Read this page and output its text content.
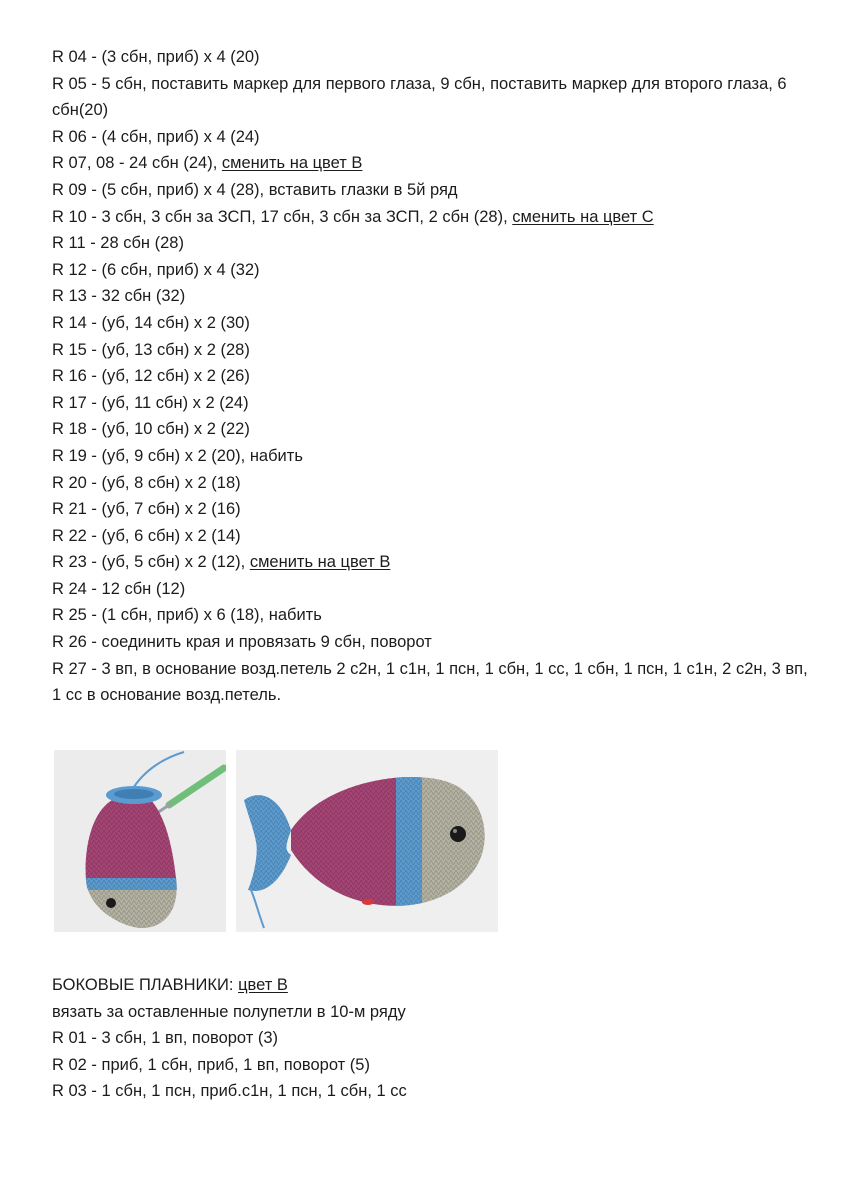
R 04 - (3 сбн, приб) х 4 (20)
R 05 - 5 сбн, поставить маркер для первого глаза, 9 сбн, поставить маркер для второго глаза, 6 сбн(20)
R 06 - (4 сбн, приб) х 4 (24)
R 07, 08 - 24 сбн (24), сменить на цвет В
R 09 - (5 сбн, приб) х 4 (28), вставить глазки в 5й ряд
R 10 - 3 сбн, 3 сбн за ЗСП, 17 сбн, 3 сбн за ЗСП, 2 сбн (28), сменить на цвет С
R 11 - 28 сбн (28)
R 12 - (6 сбн, приб) х 4 (32)
R 13 - 32 сбн (32)
R 14 - (уб, 14 сбн) х 2 (30)
R 15 - (уб, 13 сбн) х 2 (28)
R 16 - (уб, 12 сбн) х 2 (26)
R 17 - (уб, 11 сбн) х 2 (24)
R 18 - (уб, 10 сбн) х 2 (22)
R 19 - (уб, 9 сбн) х 2 (20), набить
R 20 - (уб, 8 сбн) х 2 (18)
R 21 - (уб, 7 сбн) х 2 (16)
R 22 - (уб, 6 сбн) х 2 (14)
R 23 - (уб, 5 сбн) х 2 (12), сменить на цвет В
R 24 - 12 сбн (12)
R 25 - (1 сбн, приб) х 6 (18), набить
R 26 - соединить края и провязать 9 сбн, поворот
R 27 - 3 вп, в основание возд.петель 2 с2н, 1 с1н, 1 псн, 1 сбн, 1 сс, 1 сбн, 1 псн, 1 с1н, 2 с2н, 3 вп, 1 сс в основание возд.петель.
БОКОВЫЕ ПЛАВНИКИ: цвет В
вязать за оставленные полупетли в 10-м ряду
R 01 - 3 сбн, 1 вп, поворот (3)
R 02 - приб, 1 сбн, приб, 1 вп, поворот (5)
R 03 - 1 сбн, 1 псн, приб.с1н, 1 псн, 1 сбн, 1 сс
